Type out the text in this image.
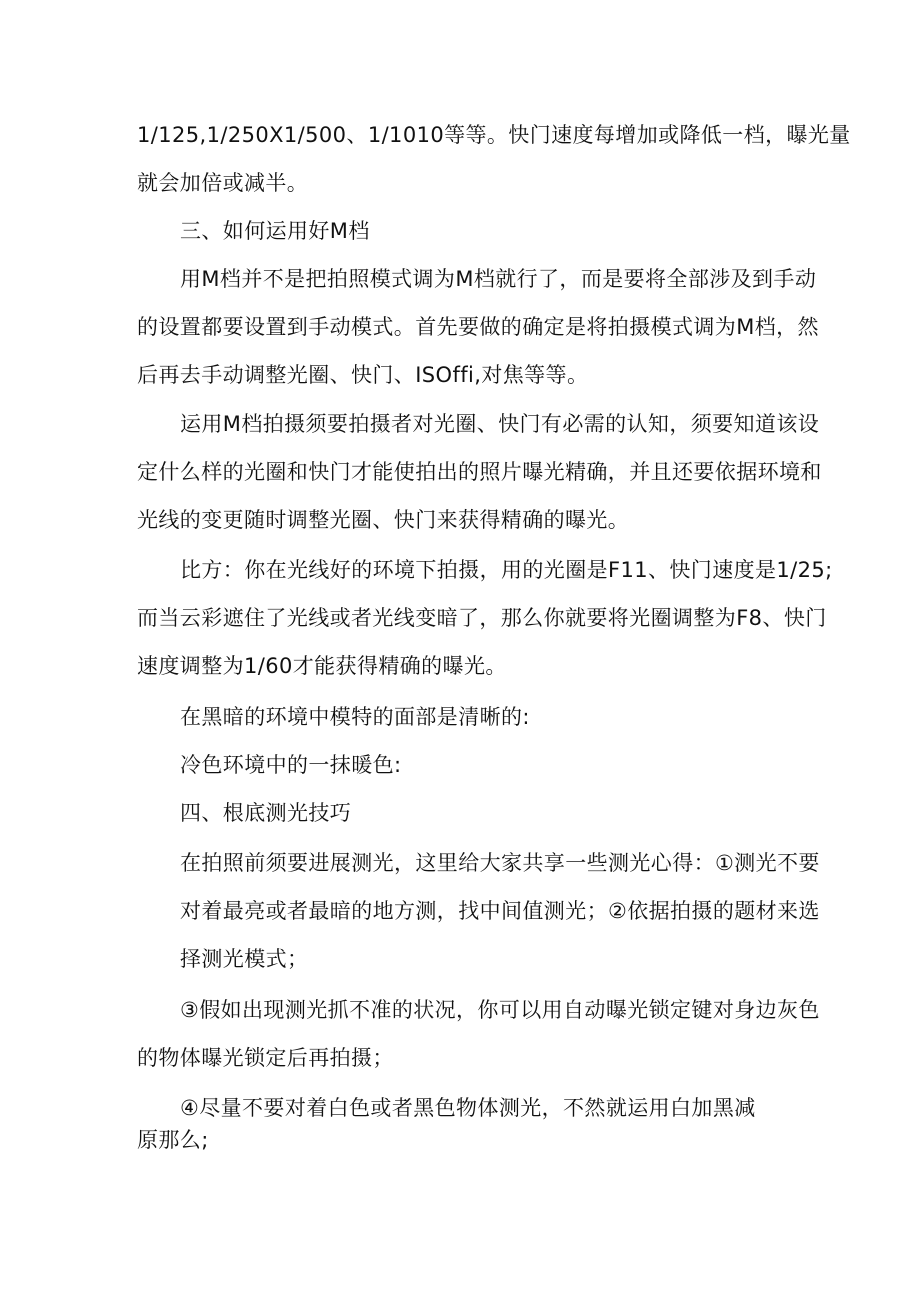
1/125,1/250X1/500、1/1010等等。快门速度每增加或降低一档，曝光量
就会加倍或减半。
三、如何运用好M档
用M档并不是把拍照模式调为M档就行了，而是要将全部涉及到手动
的设置都要设置到手动模式。首先要做的确定是将拍摄模式调为M档，然
后再去手动调整光圈、快门、ISOffi,对焦等等。
运用M档拍摄须要拍摄者对光圈、快门有必需的认知，须要知道该设
定什么样的光圈和快门才能使拍出的照片曝光精确，并且还要依据环境和
光线的变更随时调整光圈、快门来获得精确的曝光。
比方：你在光线好的环境下拍摄，用的光圈是F11、快门速度是1/25;
而当云彩遮住了光线或者光线变暗了，那么你就要将光圈调整为F8、快门
速度调整为1/60才能获得精确的曝光。
在黑暗的环境中模特的面部是清晰的:
冷色环境中的一抹暖色:
四、根底测光技巧
在拍照前须要进展测光，这里给大家共享一些测光心得：①测光不要
对着最亮或者最暗的地方测，找中间值测光；②依据拍摄的题材来选
择测光模式；
③假如出现测光抓不准的状况，你可以用自动曝光锁定键对身边灰色
的物体曝光锁定后再拍摄；
④尽量不要对着白色或者黑色物体测光，不然就运用白加黑减
原那么;
